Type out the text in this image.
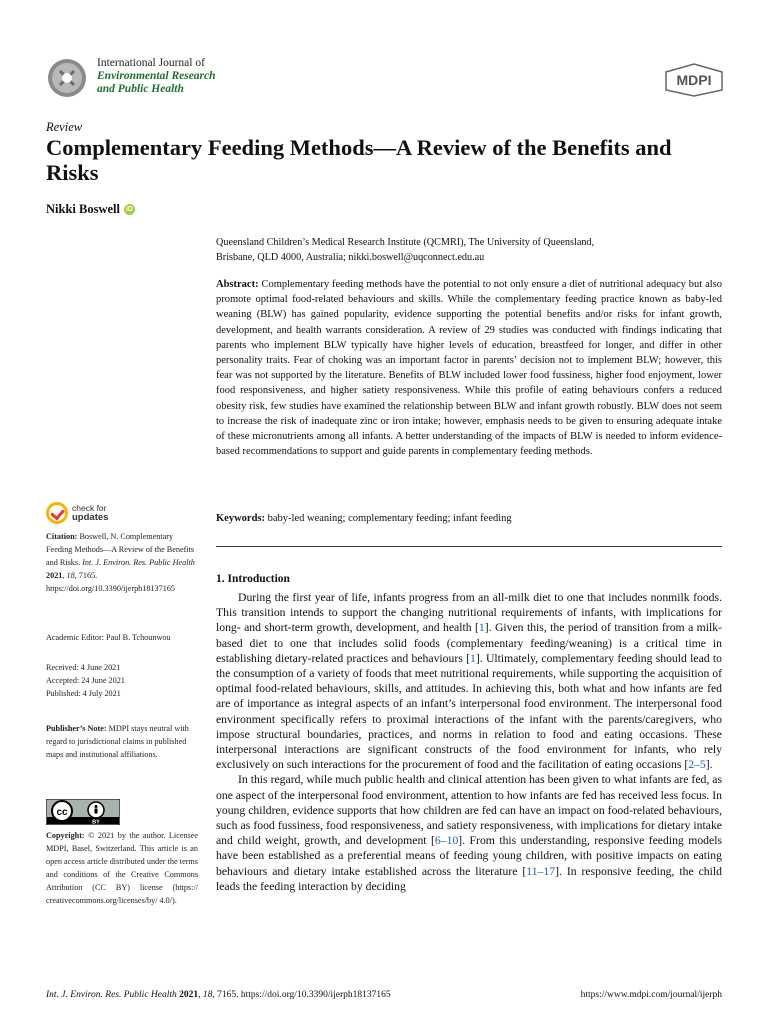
International Journal of
Environmental Research
and Public Health
MDPI
Review
Complementary Feeding Methods—A Review of the Benefits and Risks
Nikki Boswell iD
Queensland Children’s Medical Research Institute (QCMRI), The University of Queensland,
Brisbane, QLD 4000, Australia; nikki.boswell@uqconnect.edu.au
Abstract: Complementary feeding methods have the potential to not only ensure a diet of nutritional adequacy but also promote optimal food-related behaviours and skills. While the complementary feeding practice known as baby-led weaning (BLW) has gained popularity, evidence supporting the potential benefits and/or risks for infant growth, development, and health warrants consideration. A review of 29 studies was conducted with findings indicating that parents who implement BLW typically have higher levels of education, breastfeed for longer, and differ in other personality traits. Fear of choking was an important factor in parents’ decision not to implement BLW; however, this fear was not supported by the literature. Benefits of BLW included lower food fussiness, higher food enjoyment, lower food responsiveness, and higher satiety responsiveness. While this profile of eating behaviours confers a reduced obesity risk, few studies have examined the relationship between BLW and infant growth robustly. BLW does not seem to increase the risk of inadequate zinc or iron intake; however, emphasis needs to be given to ensuring adequate intake of these micronutrients among all infants. A better understanding of the impacts of BLW is needed to inform evidence-based recommendations to support and guide parents in complementary feeding methods.
Keywords: baby-led weaning; complementary feeding; infant feeding
check for
updates
Citation: Boswell, N. Complementary Feeding Methods—A Review of the Benefits and Risks. Int. J. Environ. Res. Public Health 2021, 18, 7165. https://doi.org/10.3390/ijerph18137165
Academic Editor: Paul B. Tchounwou
Received: 4 June 2021
Accepted: 24 June 2021
Published: 4 July 2021
Publisher’s Note: MDPI stays neutral with regard to jurisdictional claims in published maps and institutional affiliations.
cc
BY
Copyright: © 2021 by the author. Licensee MDPI, Basel, Switzerland. This article is an open access article distributed under the terms and conditions of the Creative Commons Attribution (CC BY) license (https:// creativecommons.org/licenses/by/ 4.0/).
1. Introduction

During the first year of life, infants progress from an all-milk diet to one that includes nonmilk foods. This transition intends to support the changing nutritional requirements of infants, with implications for long- and short-term growth, development, and health [1]. Given this, the period of transition from a milk-based diet to one that includes solid foods (complementary feeding/weaning) is a critical time in establishing dietary-related practices and behaviours [1]. Ultimately, complementary feeding should lead to the consumption of a variety of foods that meet nutritional requirements, while supporting the acquisition of optimal food-related behaviours, skills, and attitudes. In achieving this, both what and how infants are fed are of importance as integral aspects of an infant’s interpersonal food environment. The interpersonal food environment specifically refers to proximal interactions of the infant with the parents/caregivers, who impose structural boundaries, practices, and norms in relation to food and eating occasions. These interpersonal interactions are significant constructs of the food environment for infants, who rely exclusively on such interactions for the procurement of food and the facilitation of eating occasions [2–5].

In this regard, while much public health and clinical attention has been given to what infants are fed, as one aspect of the interpersonal food environment, attention to how infants are fed has received less focus. In young children, evidence supports that how children are fed can have an impact on food-related behaviours, such as food fussiness, food responsiveness, and satiety responsiveness, with implications for dietary intake and child weight, growth, and development [6–10]. From this understanding, responsive feeding models have been established as a preferential means of feeding young children, with positive impacts on eating behaviours and dietary intake established across the literature [11–17]. In responsive feeding, the child leads the feeding interaction by deciding

Int. J. Environ. Res. Public Health 2021, 18, 7165. https://doi.org/10.3390/ijerph18137165	https://www.mdpi.com/journal/ijerph
